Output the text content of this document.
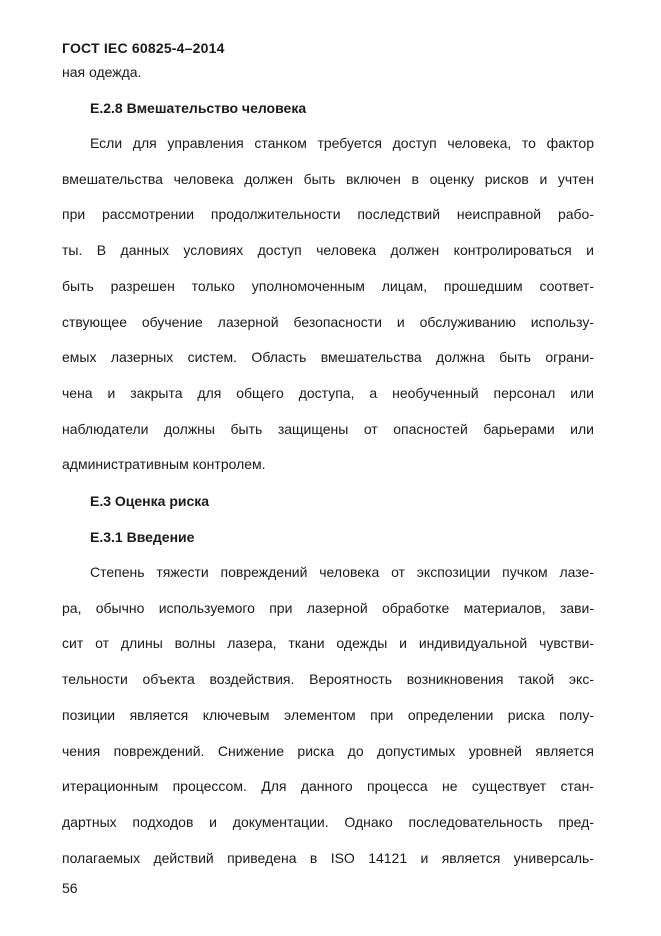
ГОСТ IEC 60825-4–2014
ная одежда.
Е.2.8 Вмешательство человека
Если для управления станком требуется доступ человека, то фактор
вмешательства человека должен быть включен в оценку рисков и учтен
при рассмотрении продолжительности последствий неисправной рабо-
ты. В данных условиях доступ человека должен контролироваться и
быть разрешен только уполномоченным лицам, прошедшим соответ-
ствующее обучение лазерной безопасности и обслуживанию использу-
емых лазерных систем. Область вмешательства должна быть ограни-
чена и закрыта для общего доступа, а необученный персонал или
наблюдатели должны быть защищены от опасностей барьерами или
административным контролем.
Е.3 Оценка риска
Е.3.1 Введение
Степень тяжести повреждений человека от экспозиции пучком лазе-
ра, обычно используемого при лазерной обработке материалов, зави-
сит от длины волны лазера, ткани одежды и индивидуальной чувстви-
тельности объекта воздействия. Вероятность возникновения такой экс-
позиции является ключевым элементом при определении риска полу-
чения повреждений. Снижение риска до допустимых уровней является
итерационным процессом. Для данного процесса не существует стан-
дартных подходов и документации. Однако последовательность пред-
полагаемых действий приведена в ISO 14121 и является универсаль-
56
